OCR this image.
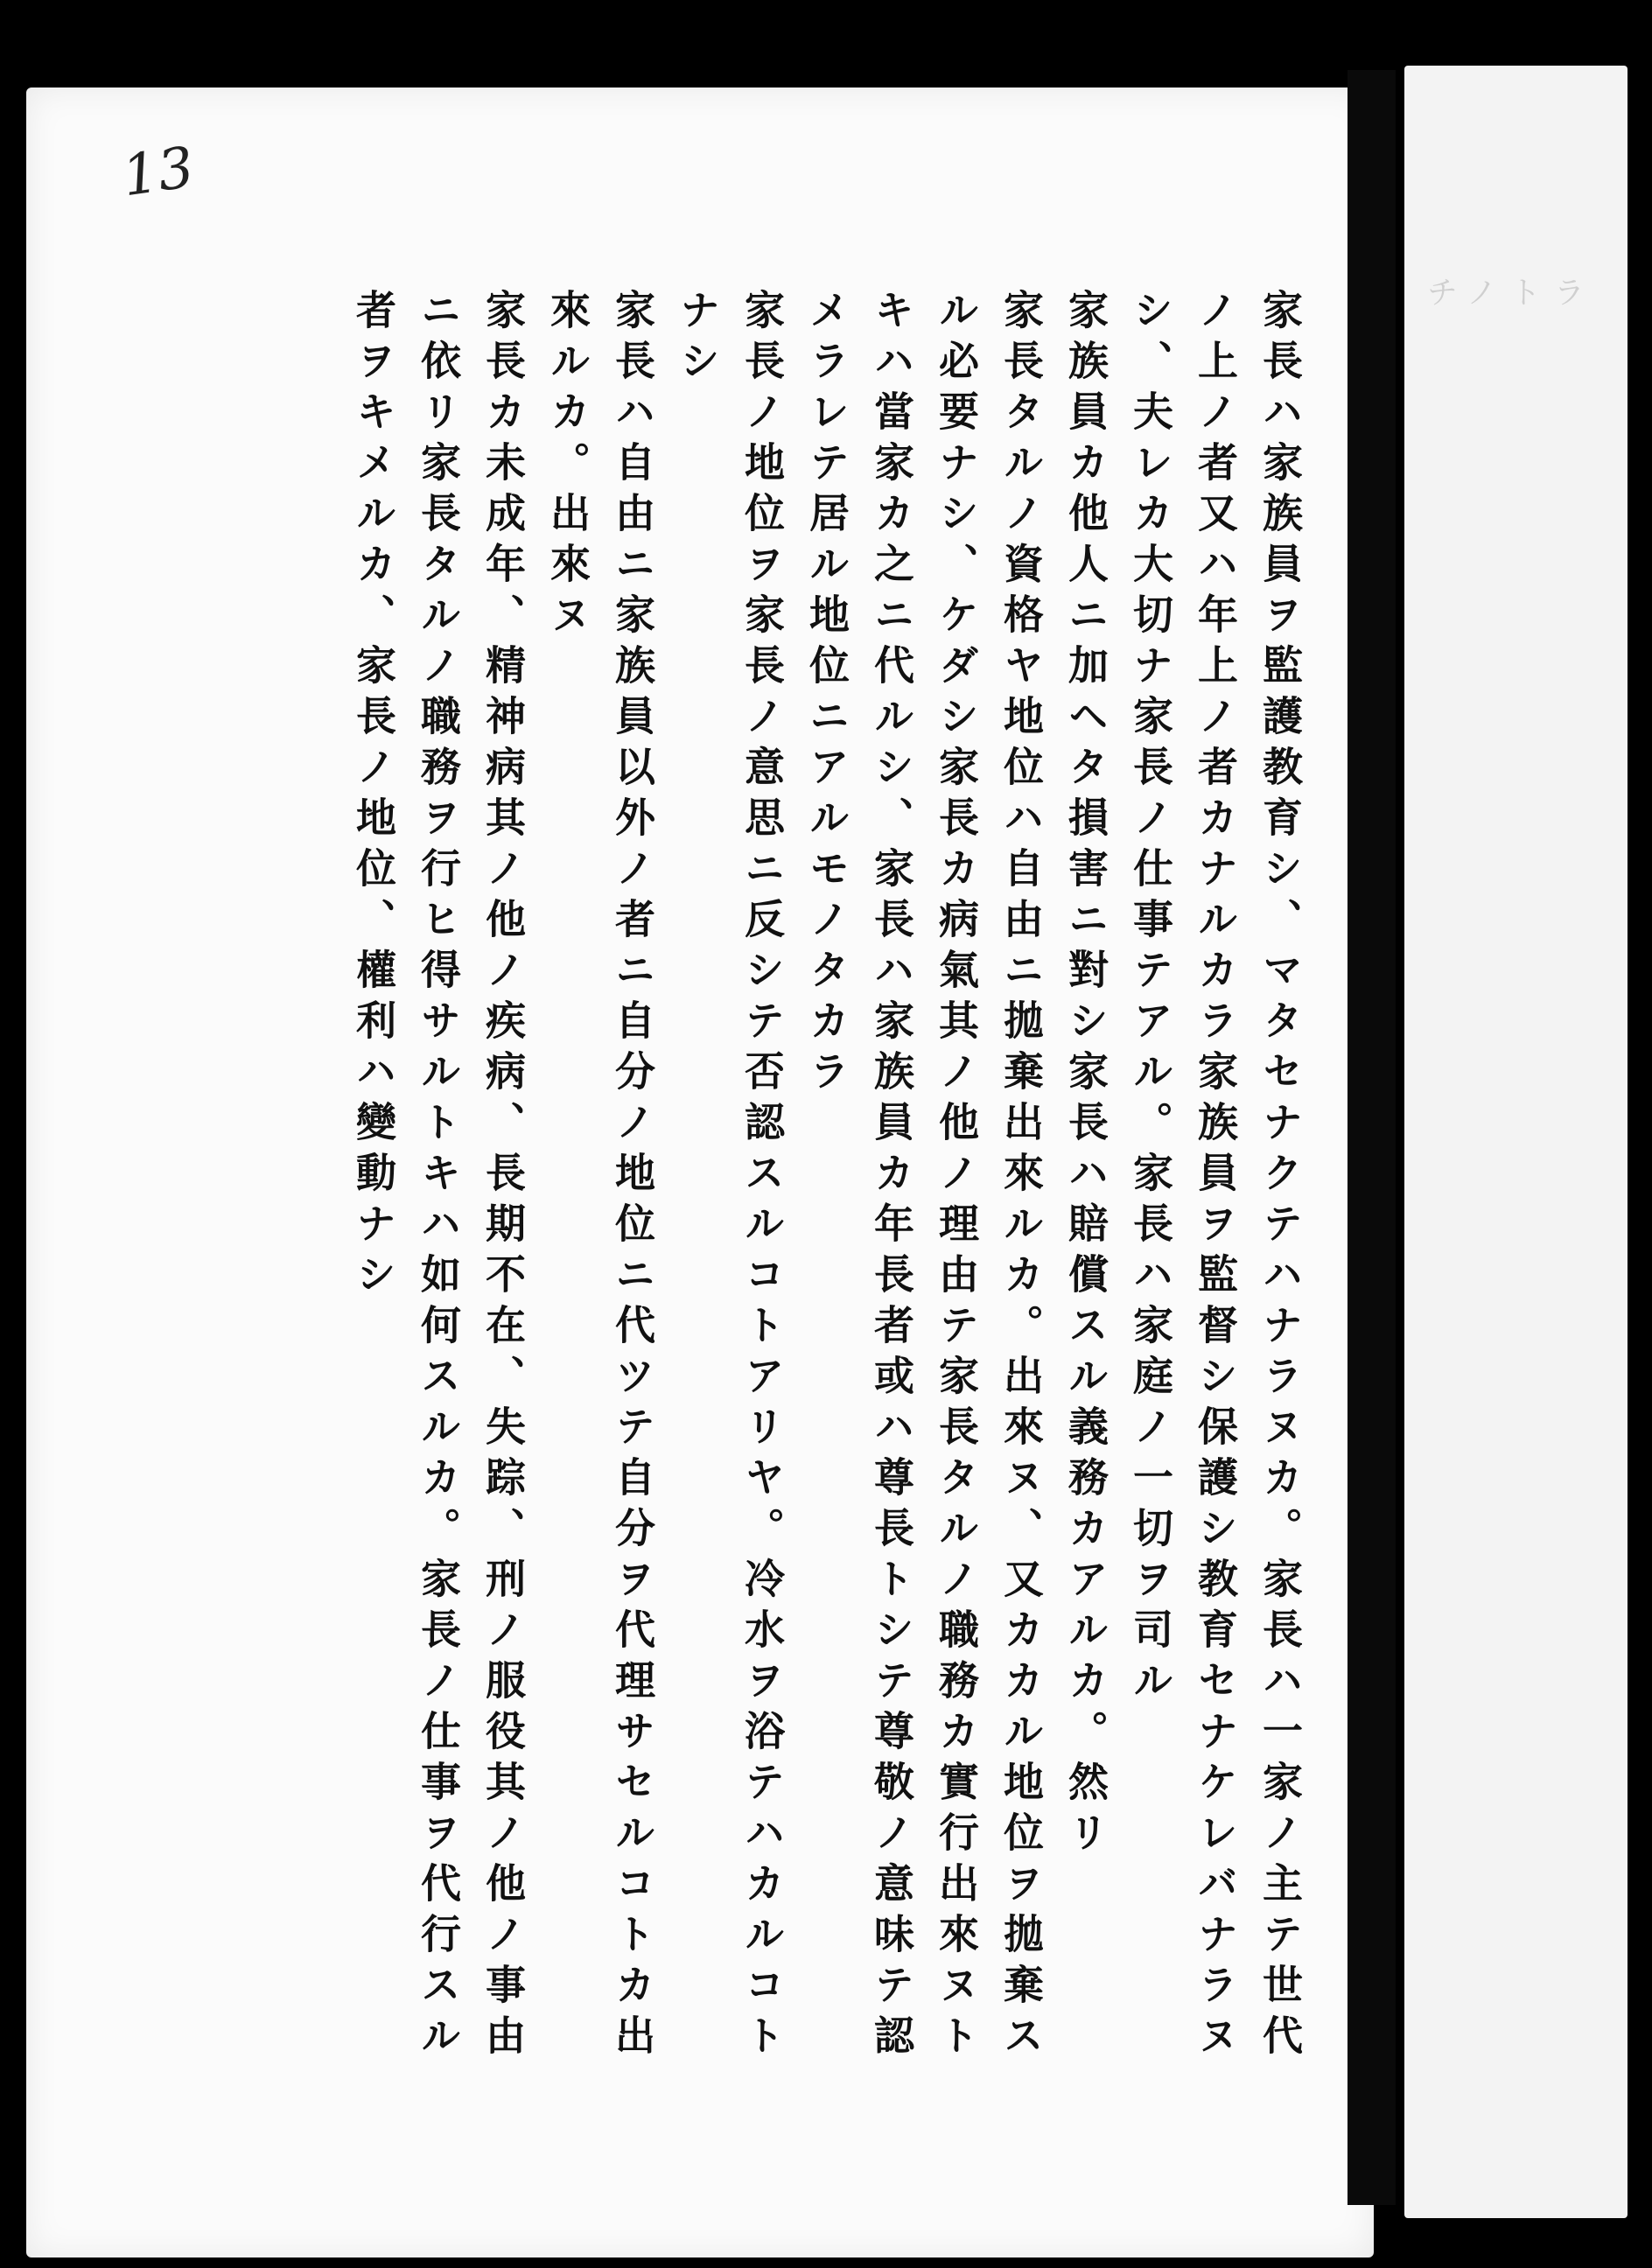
13

家長ハ家族員ヲ監護教育シ、マタセナクテハナラヌカ。家長ハ一家ノ主テ世代ノ上ノ者又ハ年上ノ者カナルカラ家族員ヲ監督シ保護シ教育セナケレバナラヌシ、夫レカ大切ナ家長ノ仕事テアル。家長ハ家庭ノ一切ヲ司ル

家族員カ他人ニ加ヘタ損害ニ對シ家長ハ賠償スル義務カアルカ。然リ

家長タルノ資格ヤ地位ハ自由ニ拋棄出來ルカ。出來ヌ、又カカル地位ヲ拋棄スル必要ナシ、ケダシ家長カ病氣其ノ他ノ理由テ家長タルノ職務カ實行出來ヌトキハ當家カ之ニ代ルシ、家長ハ家族員カ年長者或ハ尊長トシテ尊敬ノ意味テ認メラレテ居ル地位ニアルモノタカラ

家長ノ地位ヲ家長ノ意思ニ反シテ否認スルコトアリヤ。冷水ヲ浴テハカルコトナシ

家長ハ自由ニ家族員以外ノ者ニ自分ノ地位ニ代ツテ自分ヲ代理サセルコトカ出來ルカ。出來ヌ

家長カ未成年、精神病其ノ他ノ疾病、長期不在、失踪、刑ノ服役其ノ他ノ事由ニ依リ家長タルノ職務ヲ行ヒ得サルトキハ如何スルカ。家長ノ仕事ヲ代行スル者ヲキメルカ、家長ノ地位、權利ハ變動ナシ	ラ
ト
ノ
チ
